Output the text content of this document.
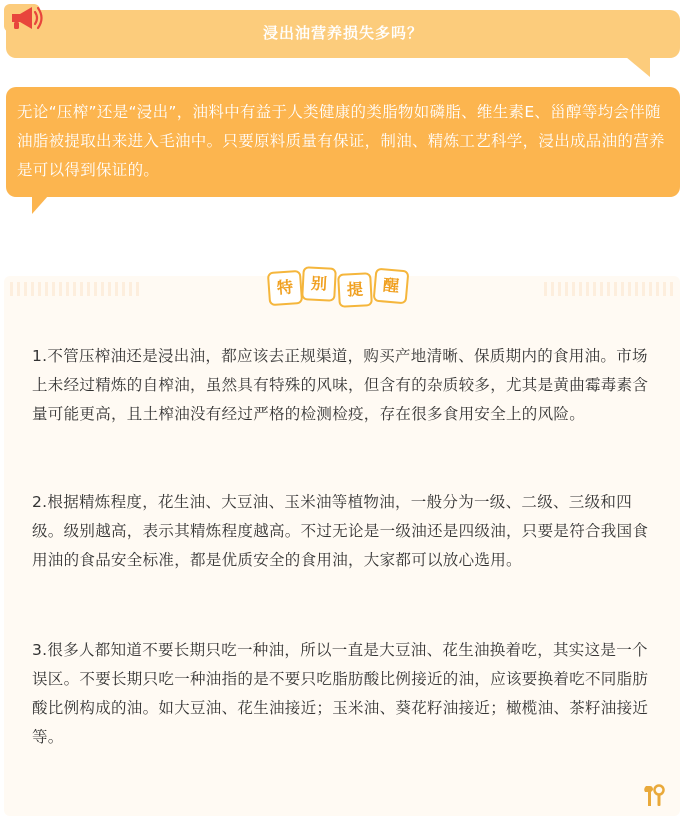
浸出油营养损失多吗？
无论“压榨”还是“浸出”，油料中有益于人类健康的类脂物如磷脂、维生素E、甾醇等均会伴随油脂被提取出来进入毛油中。只要原料质量有保证，制油、精炼工艺科学，浸出成品油的营养是可以得到保证的。
特	别	提	醒
1.不管压榨油还是浸出油，都应该去正规渠道，购买产地清晰、保质期内的食用油。市场上未经过精炼的自榨油，虽然具有特殊的风味，但含有的杂质较多，尤其是黄曲霉毒素含量可能更高，且土榨油没有经过严格的检测检疫，存在很多食用安全上的风险。
2.根据精炼程度，花生油、大豆油、玉米油等植物油，一般分为一级、二级、三级和四级。级别越高，表示其精炼程度越高。不过无论是一级油还是四级油，只要是符合我国食用油的食品安全标准，都是优质安全的食用油，大家都可以放心选用。
3.很多人都知道不要长期只吃一种油，所以一直是大豆油、花生油换着吃，其实这是一个误区。不要长期只吃一种油指的是不要只吃脂肪酸比例接近的油，应该要换着吃不同脂肪酸比例构成的油。如大豆油、花生油接近；玉米油、葵花籽油接近；橄榄油、茶籽油接近等。
